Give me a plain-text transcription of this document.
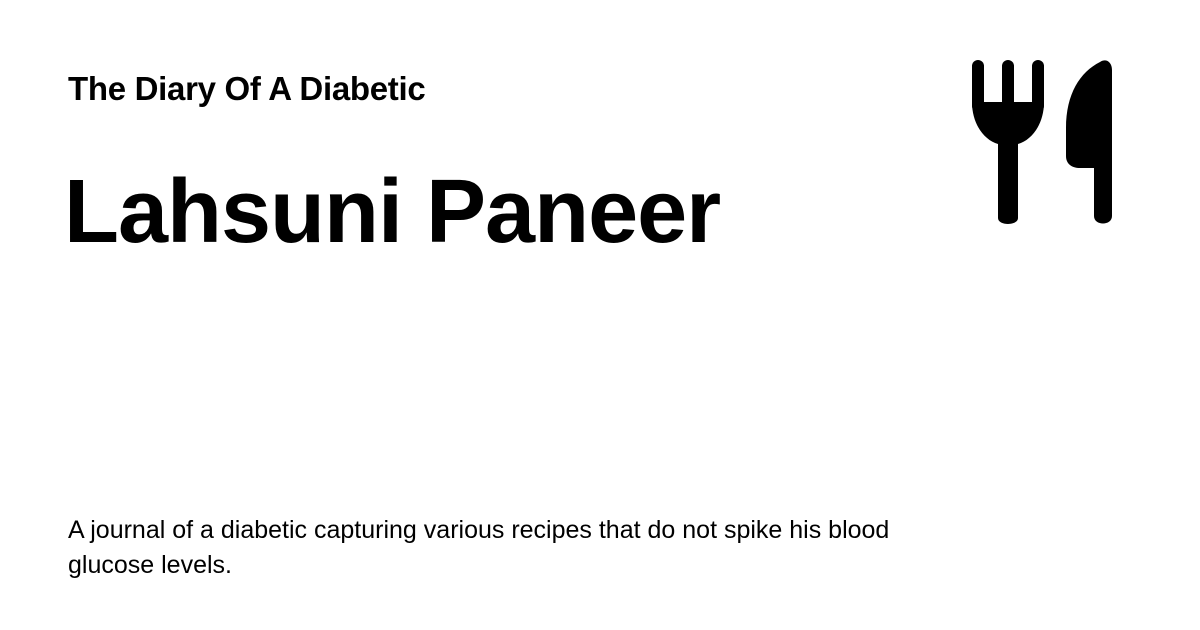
The Diary Of A Diabetic
Lahsuni Paneer

A journal of a diabetic capturing various recipes that do not spike his blood glucose levels.
